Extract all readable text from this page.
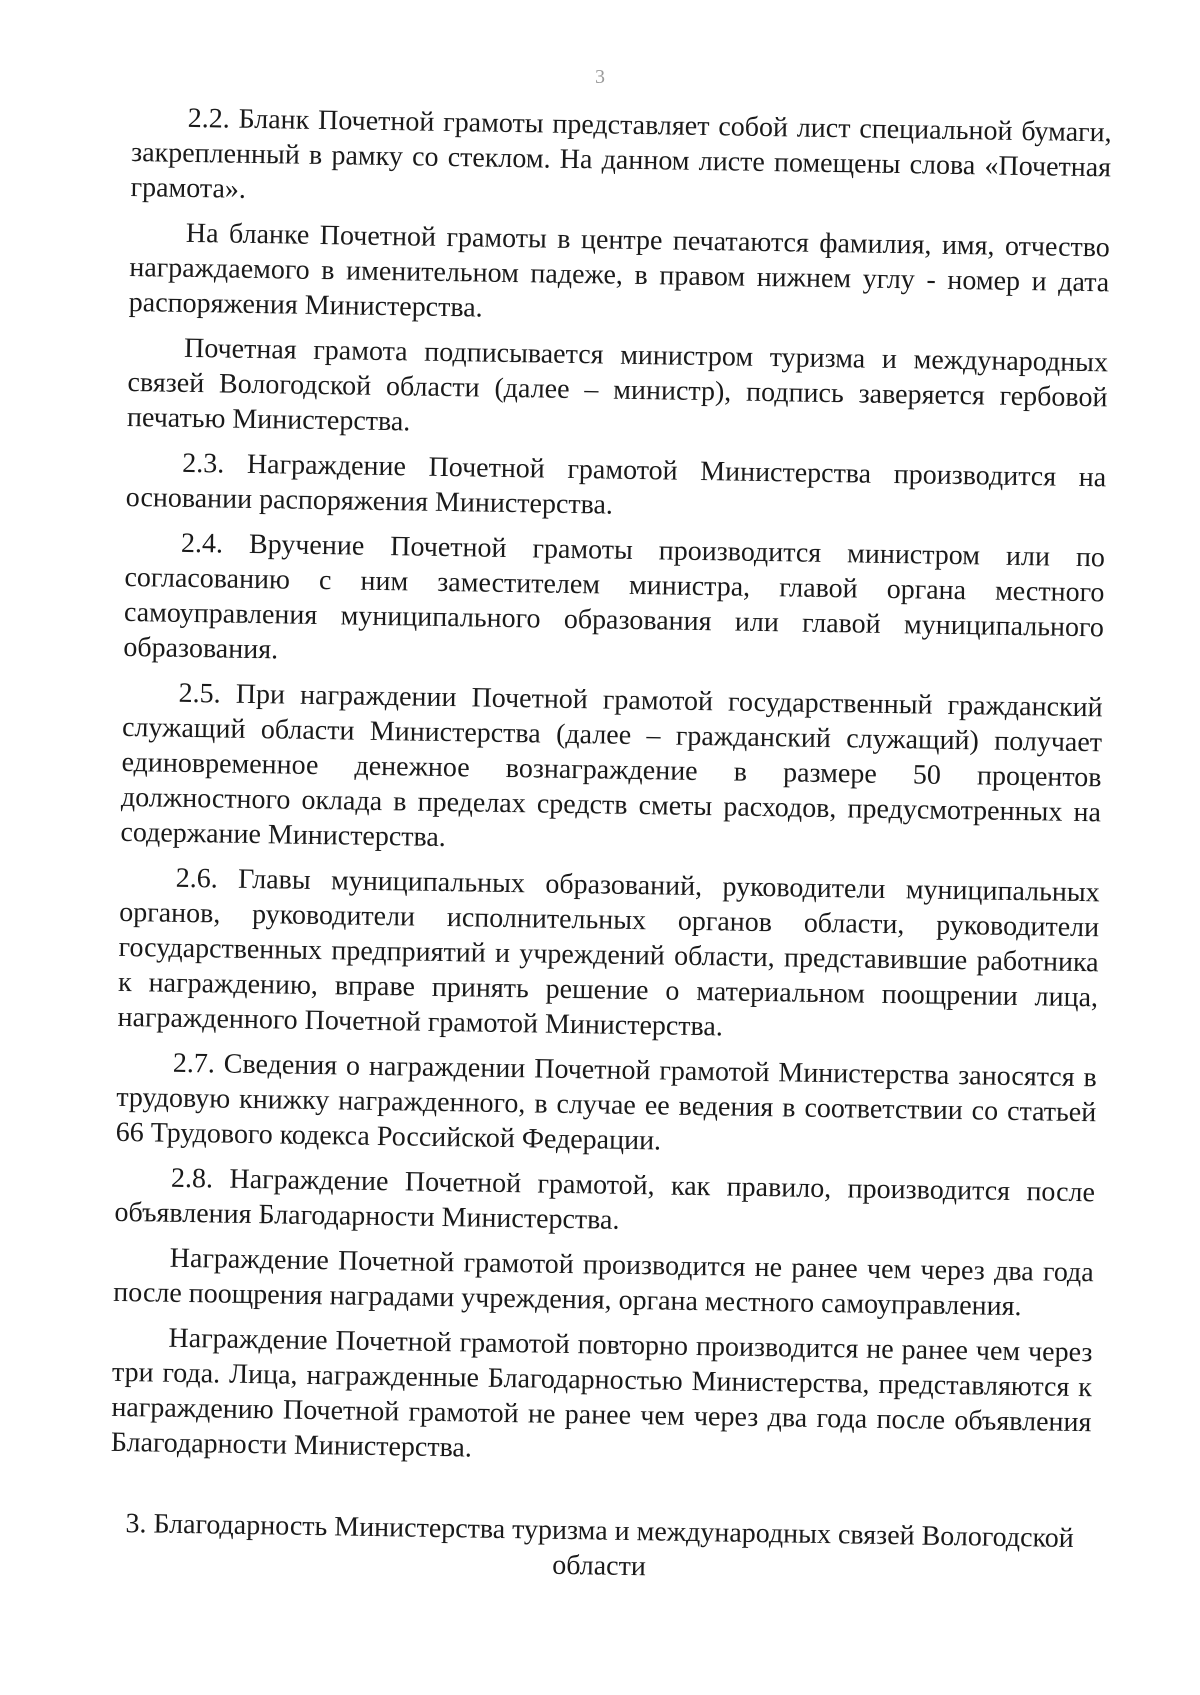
3

2.2. Бланк Почетной грамоты представляет собой лист специальной бумаги, закрепленный в рамку со стеклом. На данном листе помещены слова «Почетная грамота».

На бланке Почетной грамоты в центре печатаются фамилия, имя, отчество награждаемого в именительном падеже, в правом нижнем углу - номер и дата распоряжения Министерства.

Почетная грамота подписывается министром туризма и международных связей Вологодской области (далее – министр), подпись заверяется гербовой печатью Министерства.

2.3. Награждение Почетной грамотой Министерства производится на основании распоряжения Министерства.

2.4. Вручение Почетной грамоты производится министром или по согласованию с ним заместителем министра, главой органа местного самоуправления муниципального образования или главой муниципального образования.

2.5. При награждении Почетной грамотой государственный гражданский служащий области Министерства (далее – гражданский служащий) получает единовременное денежное вознаграждение в размере 50 процентов должностного оклада в пределах средств сметы расходов, предусмотренных на содержание Министерства.

2.6. Главы муниципальных образований, руководители муниципальных органов, руководители исполнительных органов области, руководители государственных предприятий и учреждений области, представившие работника к награждению, вправе принять решение о материальном поощрении лица, награжденного Почетной грамотой Министерства.

2.7. Сведения о награждении Почетной грамотой Министерства заносятся в трудовую книжку награжденного, в случае ее ведения в соответствии со статьей 66 Трудового кодекса Российской Федерации.

2.8. Награждение Почетной грамотой, как правило, производится после объявления Благодарности Министерства.

Награждение Почетной грамотой производится не ранее чем через два года после поощрения наградами учреждения, органа местного самоуправления.

Награждение Почетной грамотой повторно производится не ранее чем через три года. Лица, награжденные Благодарностью Министерства, представляются к награждению Почетной грамотой не ранее чем через два года после объявления Благодарности Министерства.

3. Благодарность Министерства туризма и международных связей Вологодской области
